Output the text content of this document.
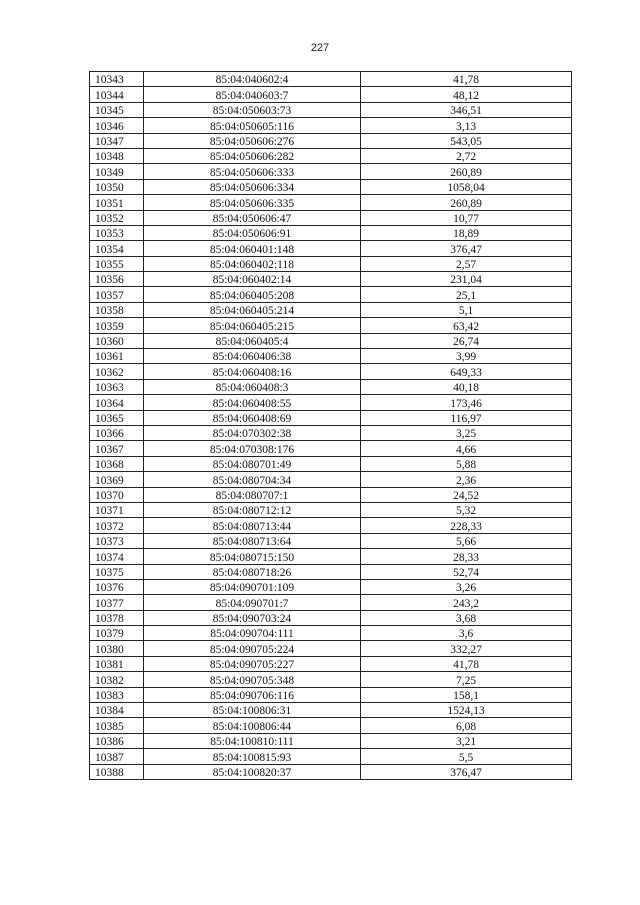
227
10343	85:04:040602:4	41,78
10344	85:04:040603:7	48,12
10345	85:04:050603:73	346,51
10346	85:04:050605:116	3,13
10347	85:04:050606:276	543,05
10348	85:04:050606:282	2,72
10349	85:04:050606:333	260,89
10350	85:04:050606:334	1058,04
10351	85:04:050606:335	260,89
10352	85:04:050606:47	10,77
10353	85:04:050606:91	18,89
10354	85:04:060401:148	376,47
10355	85:04:060402:118	2,57
10356	85:04:060402:14	231,04
10357	85:04:060405:208	25,1
10358	85:04:060405:214	5,1
10359	85:04:060405:215	63,42
10360	85:04:060405:4	26,74
10361	85:04:060406:38	3,99
10362	85:04:060408:16	649,33
10363	85:04:060408:3	40,18
10364	85:04:060408:55	173,46
10365	85:04:060408:69	116,97
10366	85:04:070302:38	3,25
10367	85:04:070308:176	4,66
10368	85:04:080701:49	5,88
10369	85:04:080704:34	2,36
10370	85:04:080707:1	24,52
10371	85:04:080712:12	5,32
10372	85:04:080713:44	228,33
10373	85:04:080713:64	5,66
10374	85:04:080715:150	28,33
10375	85:04:080718:26	52,74
10376	85:04:090701:109	3,26
10377	85:04:090701:7	243,2
10378	85:04:090703:24	3,68
10379	85:04:090704:111	3,6
10380	85:04:090705:224	332,27
10381	85:04:090705:227	41,78
10382	85:04:090705:348	7,25
10383	85:04:090706:116	158,1
10384	85:04:100806:31	1524,13
10385	85:04:100806:44	6,08
10386	85:04:100810:111	3,21
10387	85:04:100815:93	5,5
10388	85:04:100820:37	376,47
